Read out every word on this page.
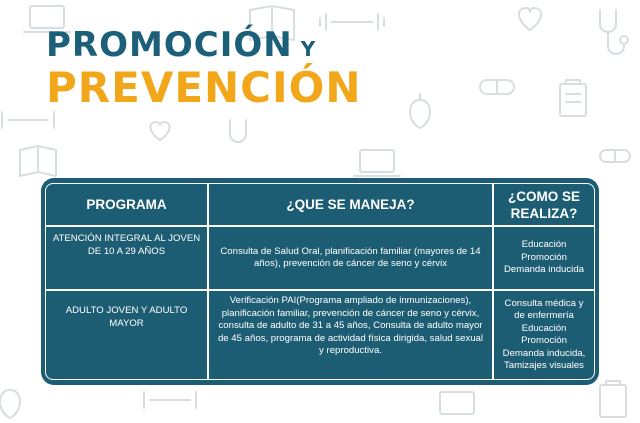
PROMOCIÓN Y
PREVENCIÓN
PROGRAMA	¿QUE SE MANEJA?
¿COMO SE REALIZA?
ATENCIÓN INTEGRAL AL JOVEN DE 10 A 29 AÑOS	Consulta de Salud Oral, planificación familiar (mayores de 14 años), prevención de cáncer de seno y cérvix
Educación Promoción Demanda inducida
ADULTO JOVEN Y ADULTO MAYOR
Verificación PAI(Programa ampliado de inmunizaciones), planificación familiar, prevención de cáncer de seno y cérvix, consulta de adulto de 31 a 45 años, Consulta de adulto mayor de 45 años, programa de actividad física dirigida, salud sexual y reproductiva.
Consulta médica y de enfermería Educación Promoción Demanda inducida, Tamizajes visuales
